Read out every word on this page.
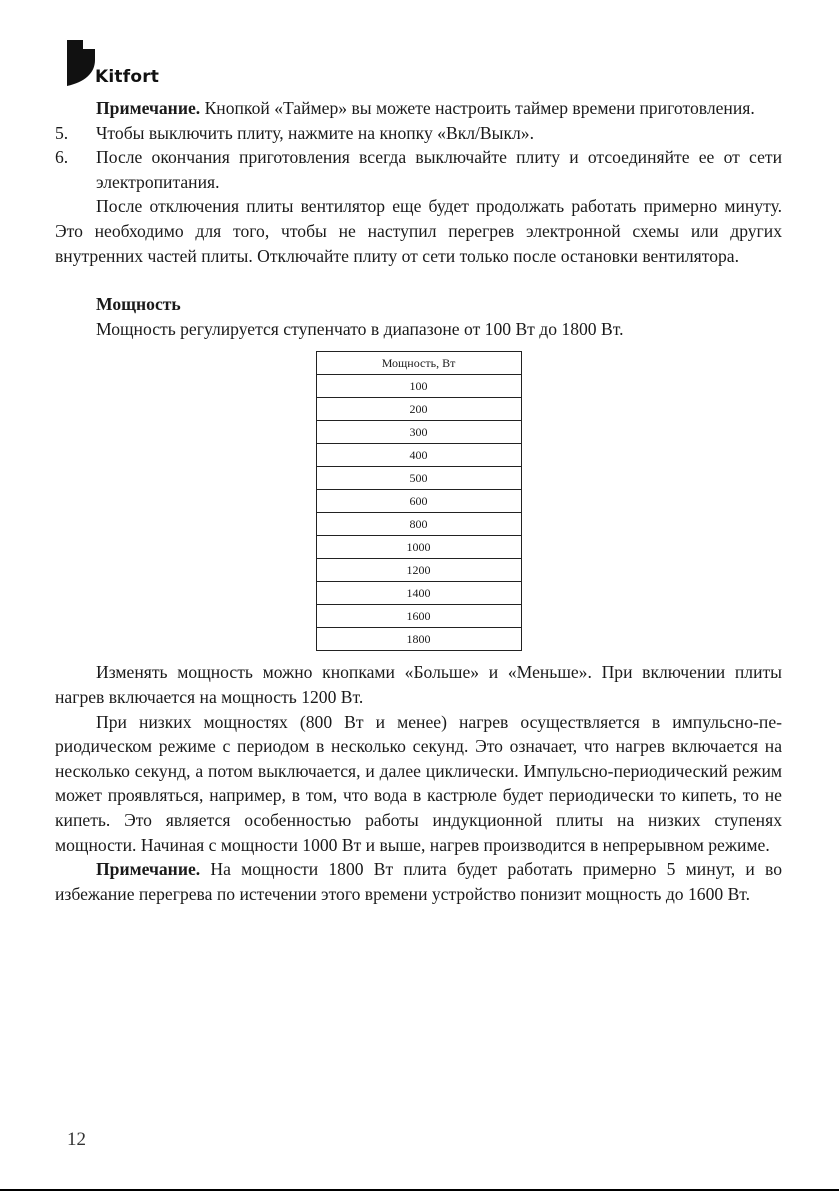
Kitfort

Примечание. Кнопкой «Таймер» вы можете настроить таймер времени приготовления.

5. Чтобы выключить плиту, нажмите на кнопку «Вкл/Выкл».

6. После окончания приготовления всегда выключайте плиту и отсоединяйте ее от сети электропитания.

После отключения плиты вентилятор еще будет продолжать работать примерно минуту. Это необходимо для того, чтобы не наступил перегрев электронной схемы или других внутренних частей плиты. Отключайте плиту от сети только после остановки вентилятора.

Мощность

Мощность регулируется ступенчато в диапазоне от 100 Вт до 1800 Вт.

Мощность, Вт
100
200
300
400
500
600
800
1000
1200
1400
1600
1800

Изменять мощность можно кнопками «Больше» и «Меньше». При включении плиты нагрев включается на мощность 1200 Вт.

При низких мощностях (800 Вт и менее) нагрев осуществляется в импульсно-периодическом режиме с периодом в несколько секунд. Это означает, что нагрев включается на несколько секунд, а потом выключается, и далее циклически. Импульсно-периодический режим может проявляться, например, в том, что вода в кастрюле будет периодически то кипеть, то не кипеть. Это является особенностью работы индукционной плиты на низких ступенях мощности. Начиная с мощности 1000 Вт и выше, нагрев производится в непрерывном режиме.

Примечание. На мощности 1800 Вт плита будет работать примерно 5 минут, и во избежание перегрева по истечении этого времени устройство понизит мощность до 1600 Вт.

12
